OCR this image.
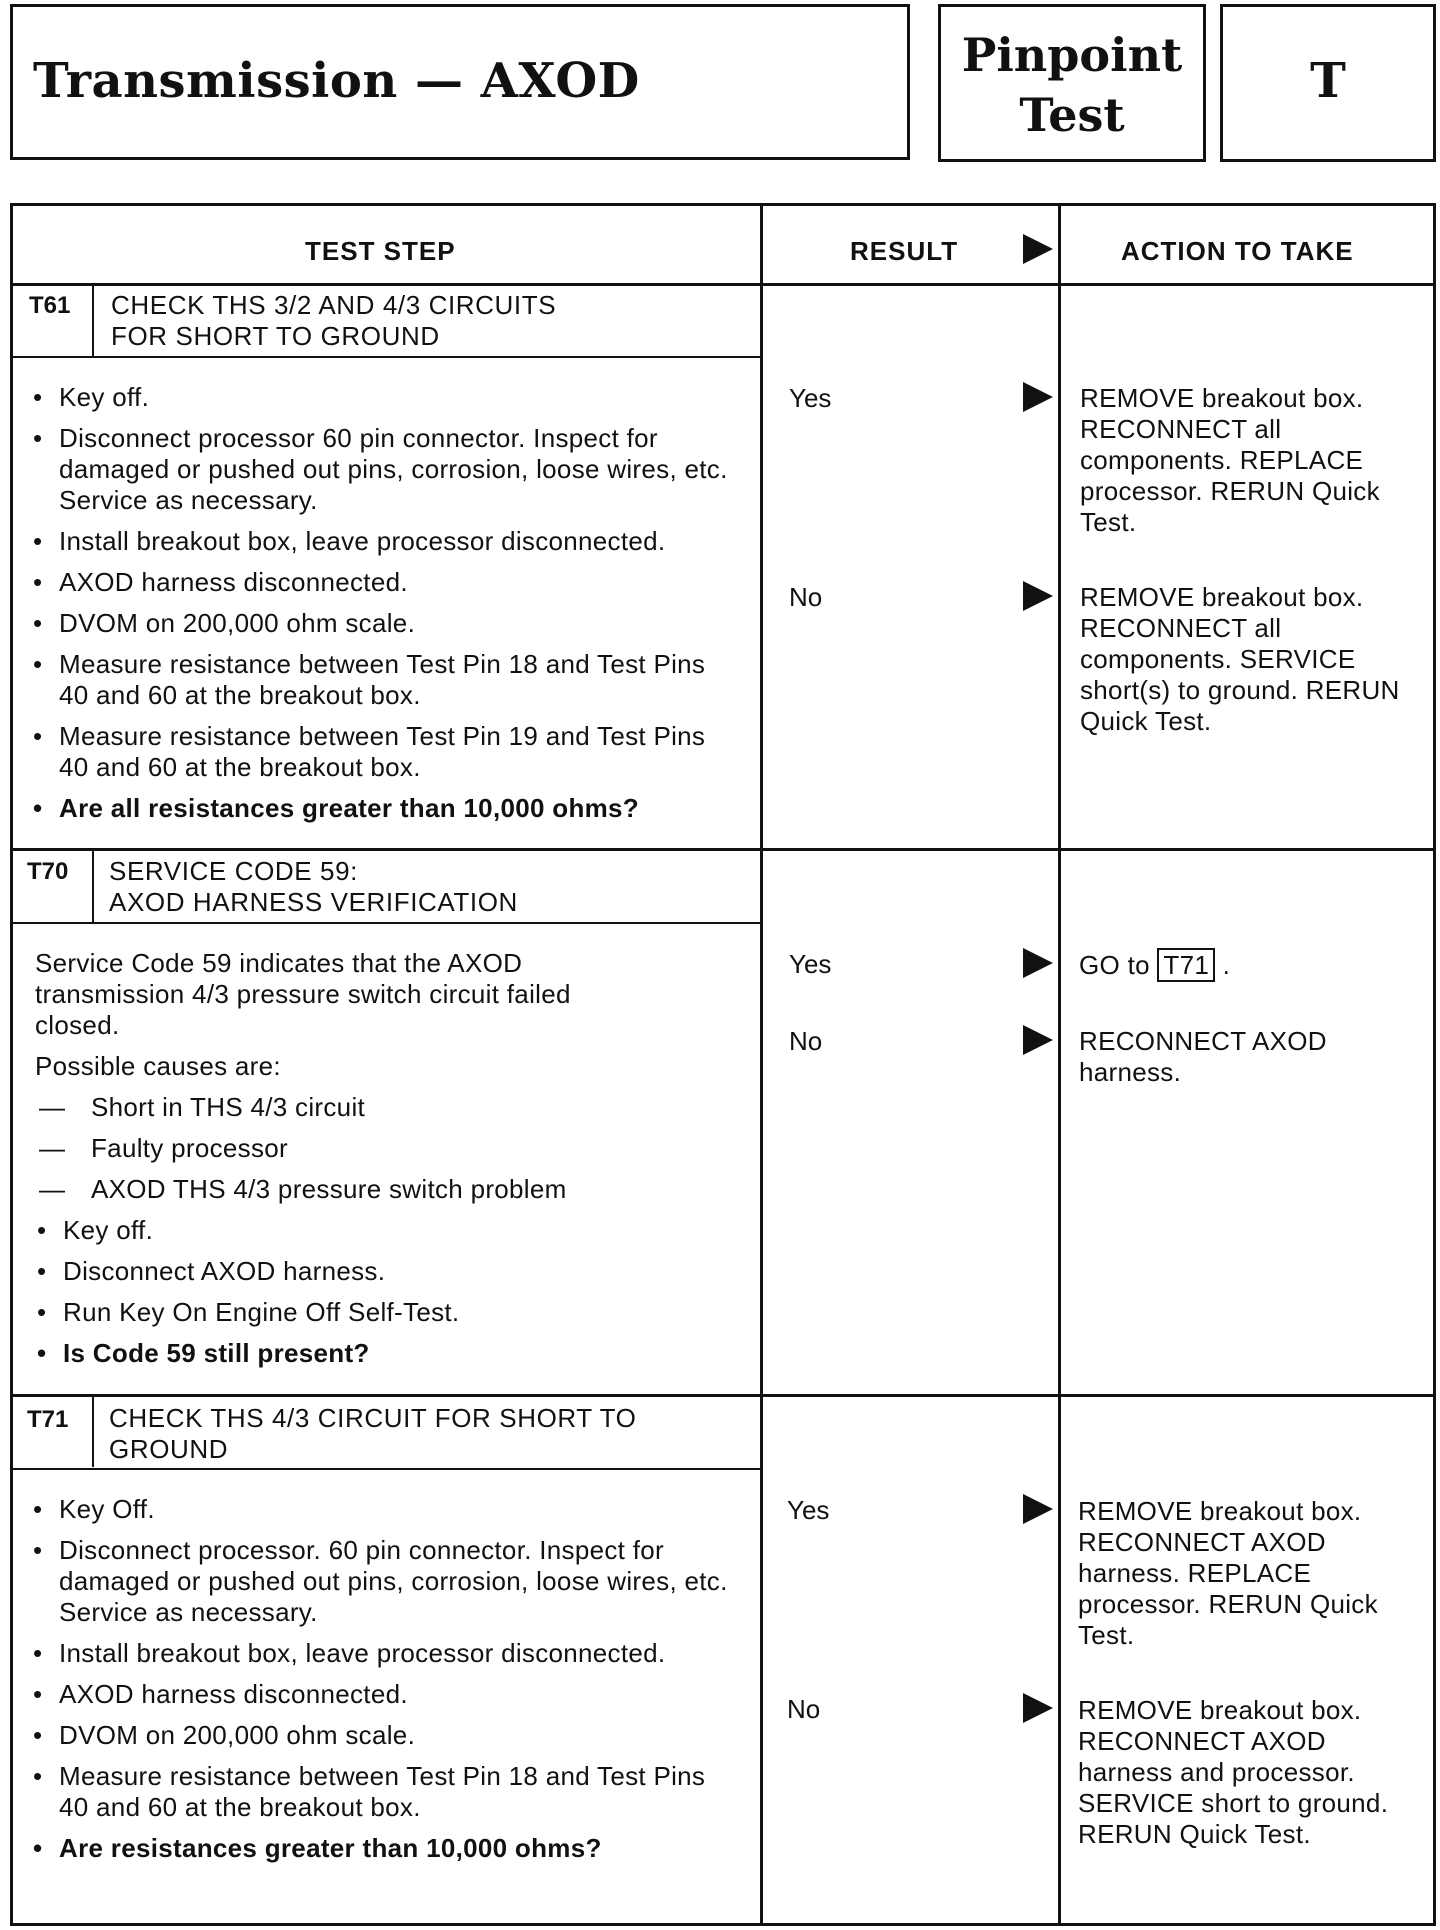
Transmission — AXOD	Pinpoint
Test
T
TEST STEP	RESULT	ACTION TO TAKE
T61 CHECK THS 3/2 AND 4/3 CIRCUITS
FOR SHORT TO GROUND
• Key off.
• Disconnect processor 60 pin connector. Inspect for damaged or pushed out pins, corrosion, loose wires, etc. Service as necessary.
• Install breakout box, leave processor disconnected.
• AXOD harness disconnected.
• DVOM on 200,000 ohm scale.
• Measure resistance between Test Pin 18 and Test Pins 40 and 60 at the breakout box.
• Measure resistance between Test Pin 19 and Test Pins 40 and 60 at the breakout box.
• Are all resistances greater than 10,000 ohms?
Yes	REMOVE breakout box. RECONNECT all components. REPLACE processor. RERUN Quick Test.
No	REMOVE breakout box. RECONNECT all components. SERVICE short(s) to ground. RERUN Quick Test.
T70 SERVICE CODE 59:
AXOD HARNESS VERIFICATION
Service Code 59 indicates that the AXOD transmission 4/3 pressure switch circuit failed closed.
Possible causes are:
— Short in THS 4/3 circuit
— Faulty processor
— AXOD THS 4/3 pressure switch problem
• Key off.
• Disconnect AXOD harness.
• Run Key On Engine Off Self-Test.
• Is Code 59 still present?
Yes	GO to T71 .
No	RECONNECT AXOD harness.
T71 CHECK THS 4/3 CIRCUIT FOR SHORT TO
GROUND
• Key Off.
• Disconnect processor. 60 pin connector. Inspect for damaged or pushed out pins, corrosion, loose wires, etc. Service as necessary.
• Install breakout box, leave processor disconnected.
• AXOD harness disconnected.
• DVOM on 200,000 ohm scale.
• Measure resistance between Test Pin 18 and Test Pins 40 and 60 at the breakout box.
• Are resistances greater than 10,000 ohms?
Yes	REMOVE breakout box. RECONNECT AXOD harness. REPLACE processor. RERUN Quick Test.
No	REMOVE breakout box. RECONNECT AXOD harness and processor. SERVICE short to ground. RERUN Quick Test.
